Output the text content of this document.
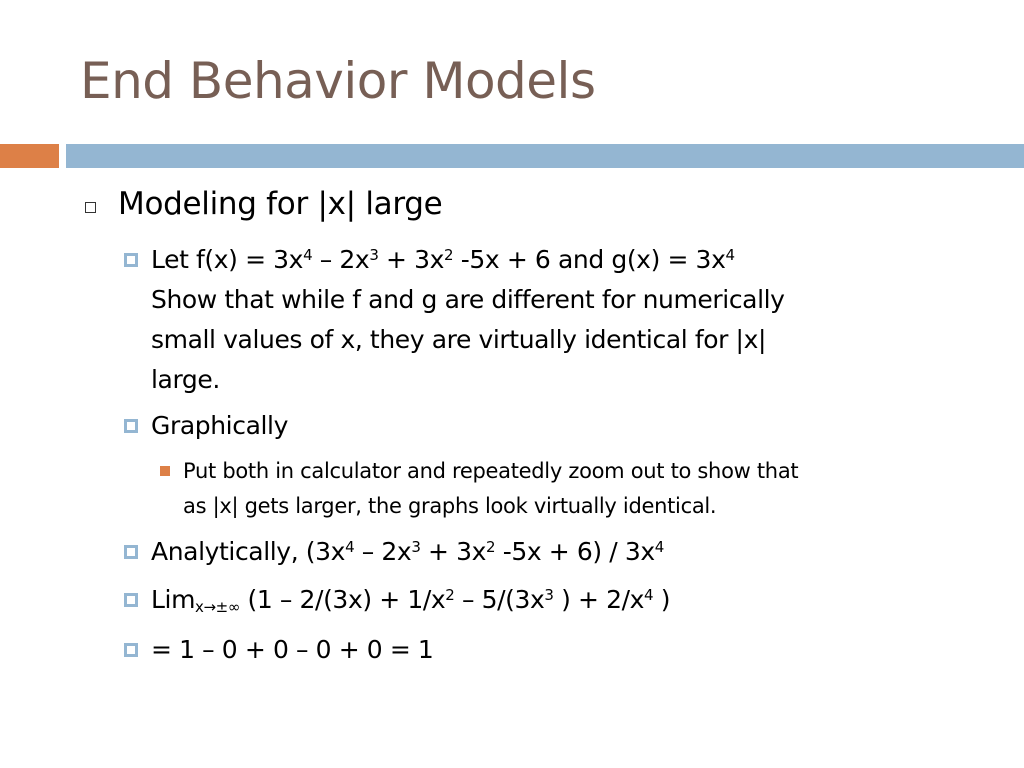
End Behavior Models
Modeling for |x| large
Let $f(x) = 3x^4 - 2x^3 + 3x^2$ -5x + 6 and $g(x) = 3x^4$
Show that while f and g are different for numerically
small values of x, they are virtually identical for |x|
large.
Graphically
Put both in calculator and repeatedly zoom out to show that
as |x| gets larger, the graphs look virtually identical.
Analytically, ($3x^4 - 2x^3 + 3x^2$ $-5x + 6) / 3x^4$
Lim$_{x\to\pm\infty}$ ($1 - 2/(3x) + 1/x^2 - 5/(3x^3$ ) + $2/x^4$ )
= 1 – 0 + 0 – 0 + 0 = 1
